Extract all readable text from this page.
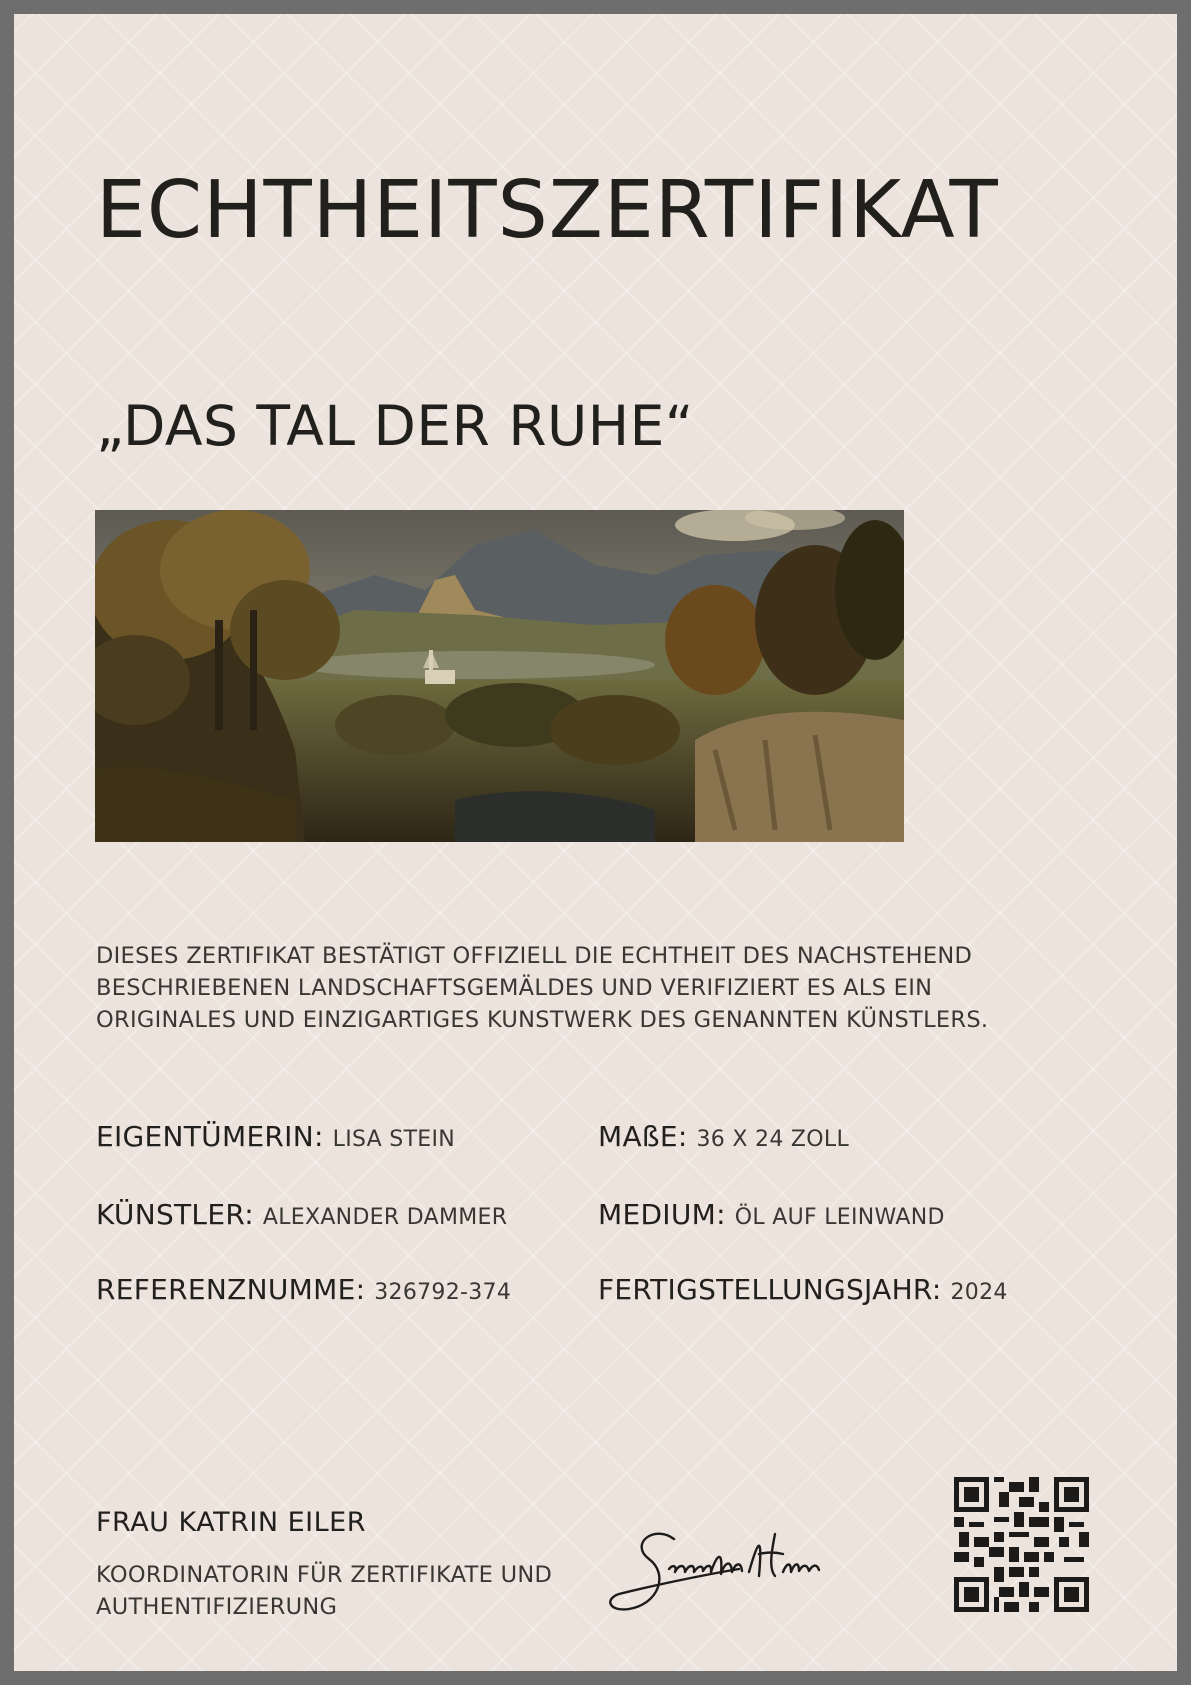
ECHTHEITSZERTIFIKAT
„DAS TAL DER RUHE“

DIESES ZERTIFIKAT BESTÄTIGT OFFIZIELL DIE ECHTHEIT DES NACHSTEHEND BESCHRIEBENEN LANDSCHAFTSGEMÄLDES UND VERIFIZIERT ES ALS EIN ORIGINALES UND EINZIGARTIGES KUNSTWERK DES GENANNTEN KÜNSTLERS.

EIGENTÜMERIN: LISA STEIN
KÜNSTLER: ALEXANDER DAMMER
REFERENZNUMME: 326792-374
MAßE: 36 X 24 ZOLL
MEDIUM: ÖL AUF LEINWAND
FERTIGSTELLUNGSJAHR: 2024
FRAU KATRIN EILER
KOORDINATORIN FÜR ZERTIFIKATE UND AUTHENTIFIZIERUNG
